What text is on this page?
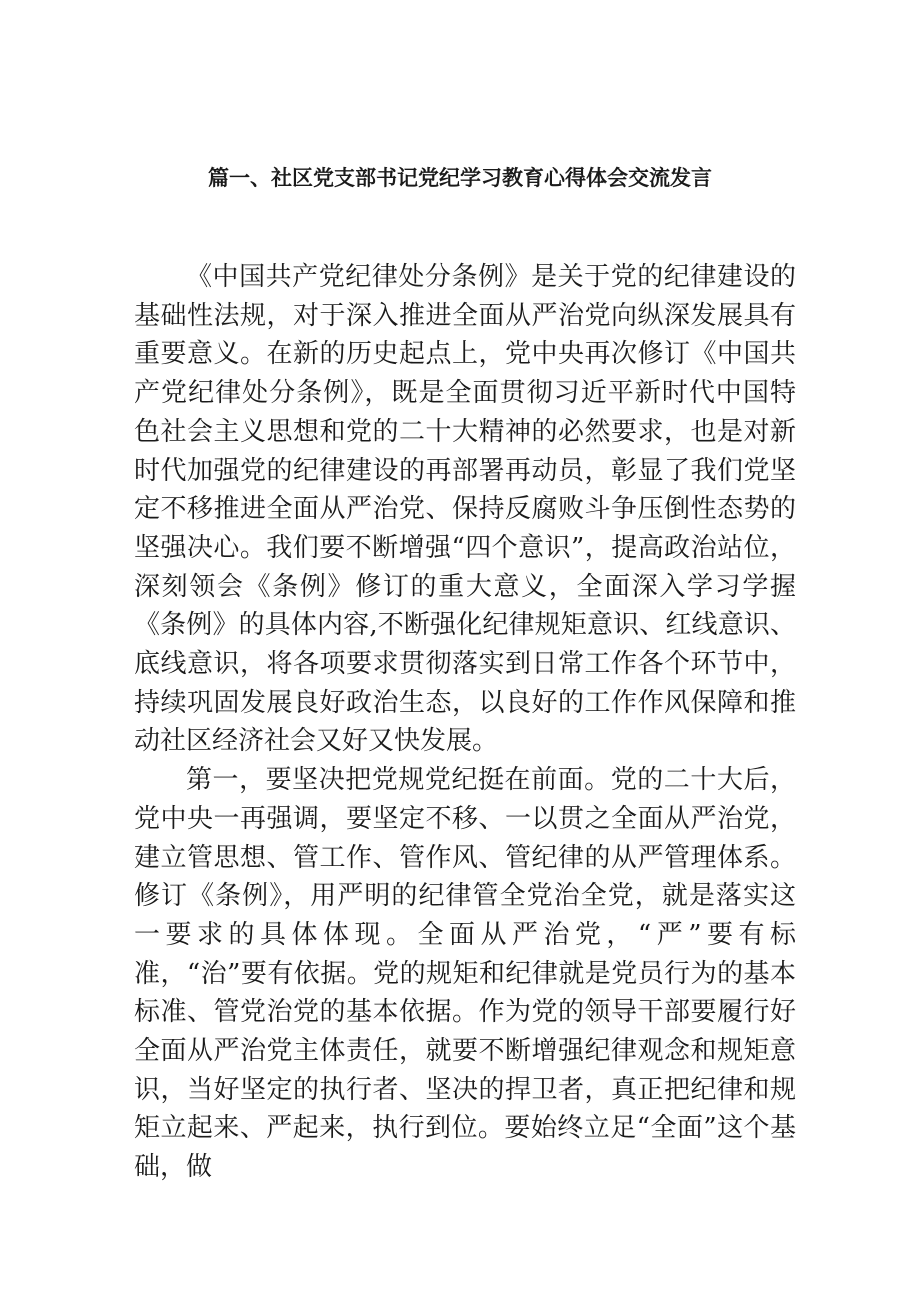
篇一、社区党支部书记党纪学习教育心得体会交流发言

《中国共产党纪律处分条例》是关于党的纪律建设的基础性法规，对于深入推进全面从严治党向纵深发展具有重要意义。在新的历史起点上，党中央再次修订《中国共产党纪律处分条例》，既是全面贯彻习近平新时代中国特色社会主义思想和党的二十大精神的必然要求，也是对新时代加强党的纪律建设的再部署再动员，彰显了我们党坚定不移推进全面从严治党、保持反腐败斗争压倒性态势的坚强决心。我们要不断增强“四个意识”，提高政治站位，深刻领会《条例》修订的重大意义，全面深入学习学握《条例》的具体内容,不断强化纪律规矩意识、红线意识、底线意识，将各项要求贯彻落实到日常工作各个环节中，持续巩固发展良好政治生态，以良好的工作作风保障和推动社区经济社会又好又快发展。

第一，要坚决把党规党纪挺在前面。党的二十大后，党中央一再强调，要坚定不移、一以贯之全面从严治党，建立管思想、管工作、管作风、管纪律的从严管理体系。修订《条例》，用严明的纪律管全党治全党，就是落实这一要求的具体体现。全面从严治党，“严”要有标准，“治”要有依据。党的规矩和纪律就是党员行为的基本标准、管党治党的基本依据。作为党的领导干部要履行好全面从严治党主体责任，就要不断增强纪律观念和规矩意识，当好坚定的执行者、坚决的捍卫者，真正把纪律和规矩立起来、严起来，执行到位。要始终立足“全面”这个基础，做
